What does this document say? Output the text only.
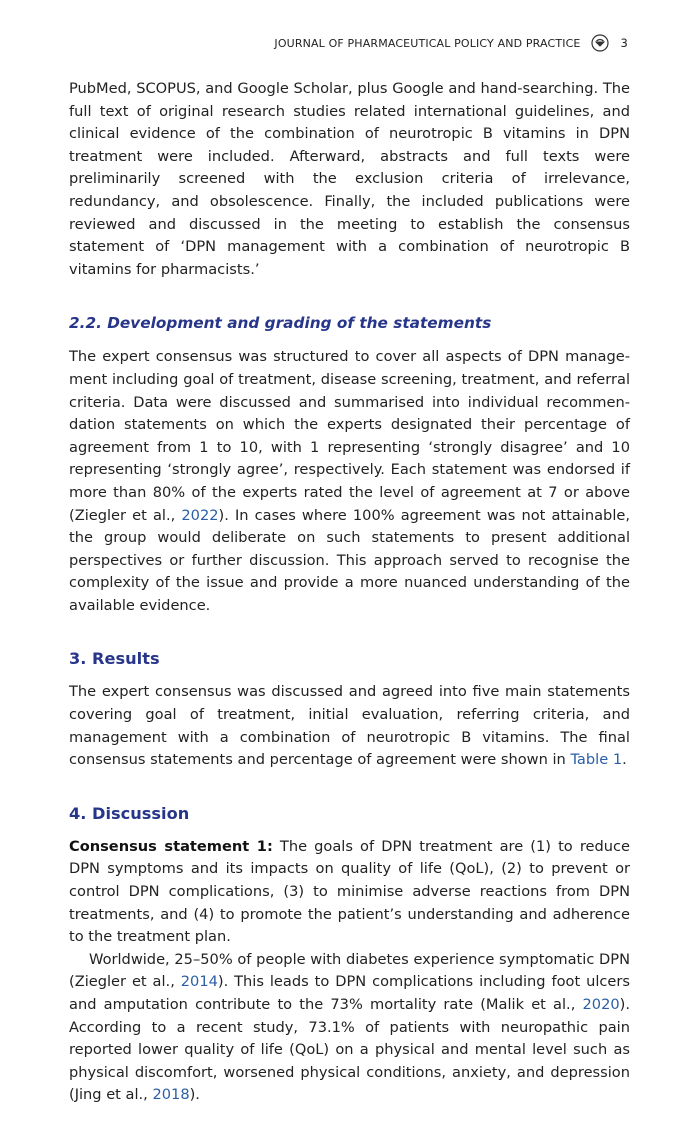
JOURNAL OF PHARMACEUTICAL POLICY AND PRACTICE	3

PubMed, SCOPUS, and Google Scholar, plus Google and hand-searching. The full text of original research studies related international guidelines, and clinical evidence of the combination of neurotropic B vitamins in DPN treatment were included. Afterward, abstracts and full texts were preliminarily screened with the exclusion criteria of irrelevance, redundancy, and obsolescence. Finally, the included publications were reviewed and discussed in the meeting to establish the consensus statement of ‘DPN management with a combination of neurotropic B vitamins for pharmacists.’

2.2. Development and grading of the statements

The expert consensus was structured to cover all aspects of DPN management including goal of treatment, disease screening, treatment, and referral criteria. Data were discussed and summarised into individual recommendation statements on which the experts designated their percentage of agreement from 1 to 10, with 1 representing ‘strongly disagree’ and 10 representing ‘strongly agree’, respectively. Each statement was endorsed if more than 80% of the experts rated the level of agreement at 7 or above (Ziegler et al., 2022). In cases where 100% agreement was not attainable, the group would deliberate on such statements to present additional perspectives or further discussion. This approach served to recognise the complexity of the issue and provide a more nuanced understanding of the available evidence.

3. Results

The expert consensus was discussed and agreed into five main statements covering goal of treatment, initial evaluation, referring criteria, and management with a combination of neurotropic B vitamins. The final consensus statements and percentage of agreement were shown in Table 1.

4. Discussion

Consensus statement 1: The goals of DPN treatment are (1) to reduce DPN symptoms and its impacts on quality of life (QoL), (2) to prevent or control DPN complications, (3) to minimise adverse reactions from DPN treatments, and (4) to promote the patient’s understanding and adherence to the treatment plan.

Worldwide, 25–50% of people with diabetes experience symptomatic DPN (Ziegler et al., 2014). This leads to DPN complications including foot ulcers and amputation contribute to the 73% mortality rate (Malik et al., 2020). According to a recent study, 73.1% of patients with neuropathic pain reported lower quality of life (QoL) on a physical and mental level such as physical discomfort, worsened physical conditions, anxiety, and depression (Jing et al., 2018).
